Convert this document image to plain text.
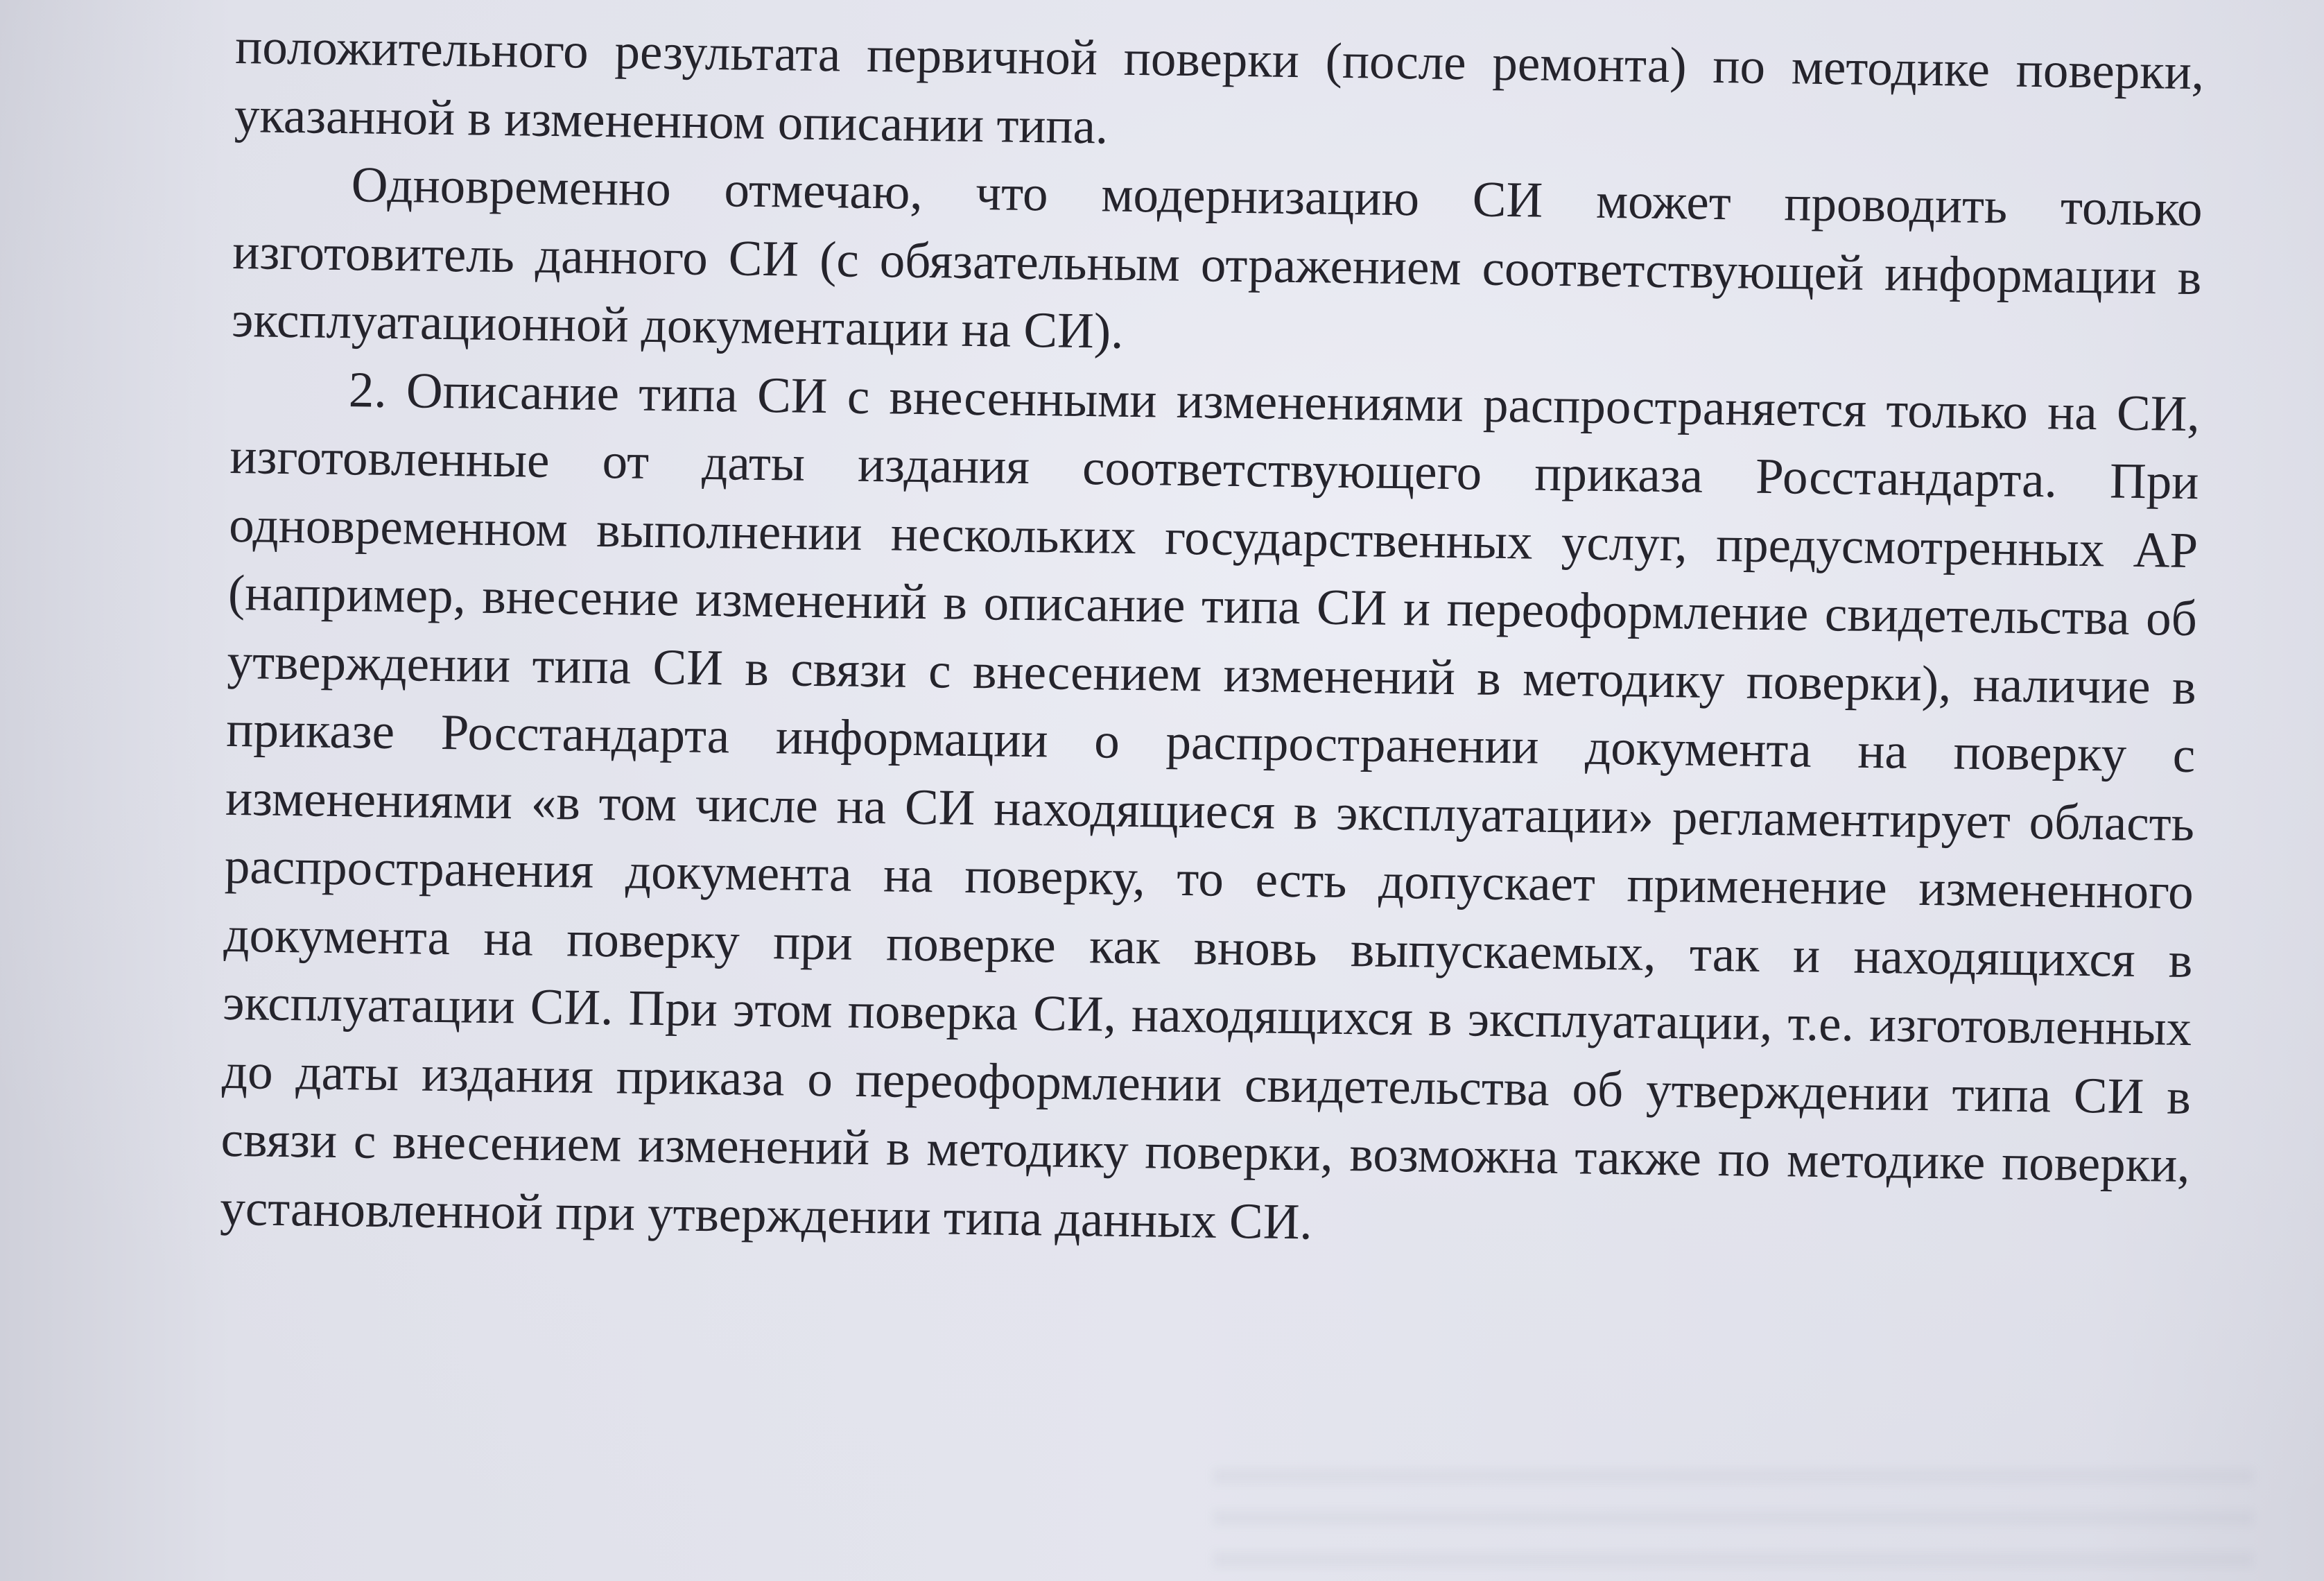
положительного результата первичной поверки (после ремонта) по методике поверки, указанной в измененном описании типа.

Одновременно отмечаю, что модернизацию СИ может проводить только изготовитель данного СИ (с обязательным отражением соответствующей информации в эксплуатационной документации на СИ).

2. Описание типа СИ с внесенными изменениями распространяется только на СИ, изготовленные от даты издания соответствующего приказа Росстандарта. При одновременном выполнении нескольких государственных услуг, предусмотренных АР (например, внесение изменений в описание типа СИ и переоформление свидетельства об утверждении типа СИ в связи с внесением изменений в методику поверки), наличие в приказе Росстандарта информации о распространении документа на поверку с изменениями «в том числе на СИ находящиеся в эксплуатации» регламентирует область распространения документа на поверку, то есть допускает применение измененного документа на поверку при поверке как вновь выпускаемых, так и находящихся в эксплуатации СИ. При этом поверка СИ, находящихся в эксплуатации, т.е. изготовленных до даты издания приказа о переоформлении свидетельства об утверждении типа СИ в связи с внесением изменений в методику поверки, возможна также по методике поверки, установленной при утверждении типа данных СИ.
